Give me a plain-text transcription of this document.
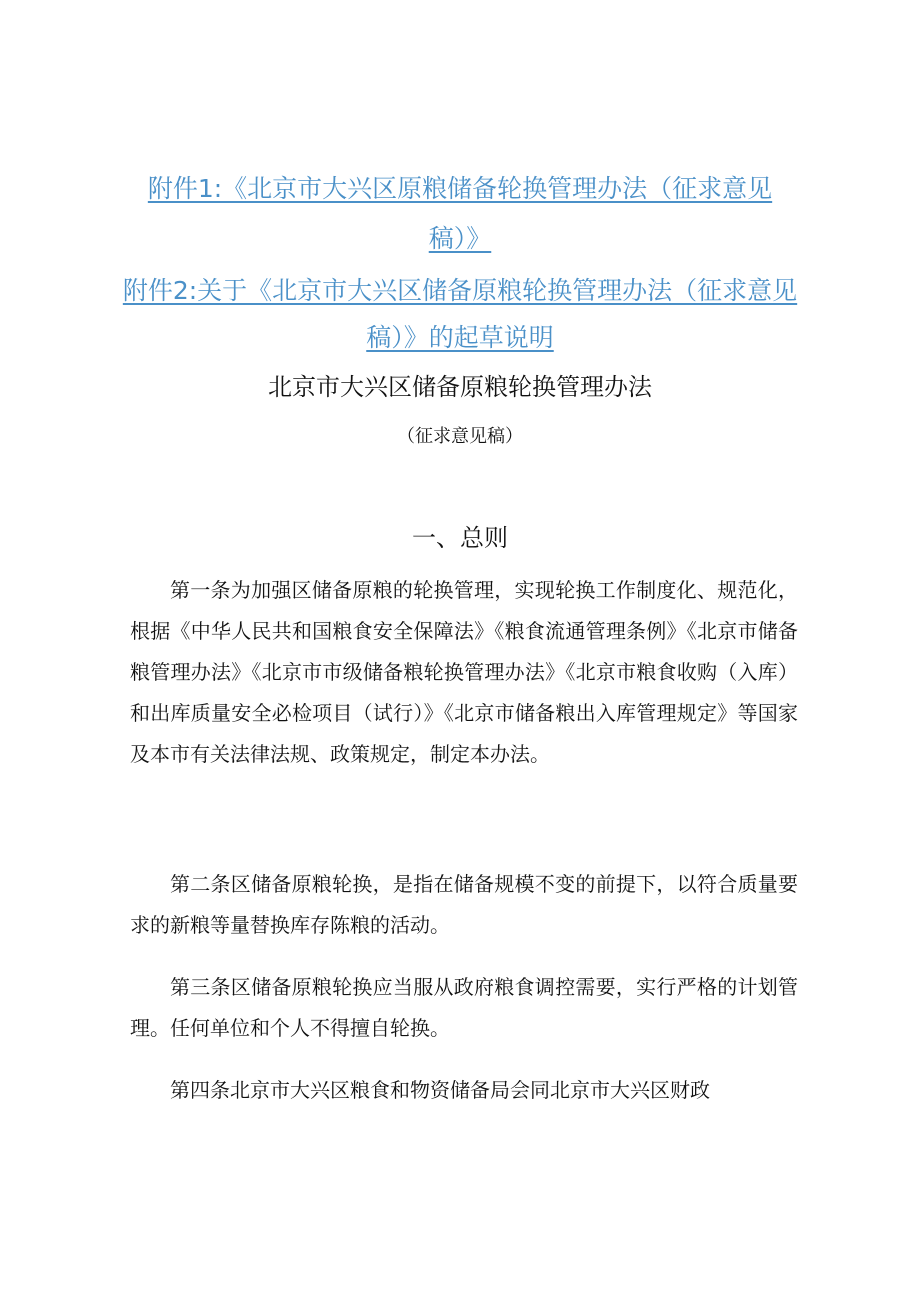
附件1:《北京市大兴区原粮储备轮换管理办法（征求意见
稿）》
附件2:关于《北京市大兴区储备原粮轮换管理办法（征求意见
稿）》的起草说明
北京市大兴区储备原粮轮换管理办法
（征求意见稿）
一、总则

第一条为加强区储备原粮的轮换管理，实现轮换工作制度化、规范化，根据《中华人民共和国粮食安全保障法》《粮食流通管理条例》《北京市储备粮管理办法》《北京市市级储备粮轮换管理办法》《北京市粮食收购（入库）和出库质量安全必检项目（试行）》《北京市储备粮出入库管理规定》等国家及本市有关法律法规、政策规定，制定本办法。

第二条区储备原粮轮换，是指在储备规模不变的前提下，以符合质量要求的新粮等量替换库存陈粮的活动。

第三条区储备原粮轮换应当服从政府粮食调控需要，实行严格的计划管理。任何单位和个人不得擅自轮换。

第四条北京市大兴区粮食和物资储备局会同北京市大兴区财政
